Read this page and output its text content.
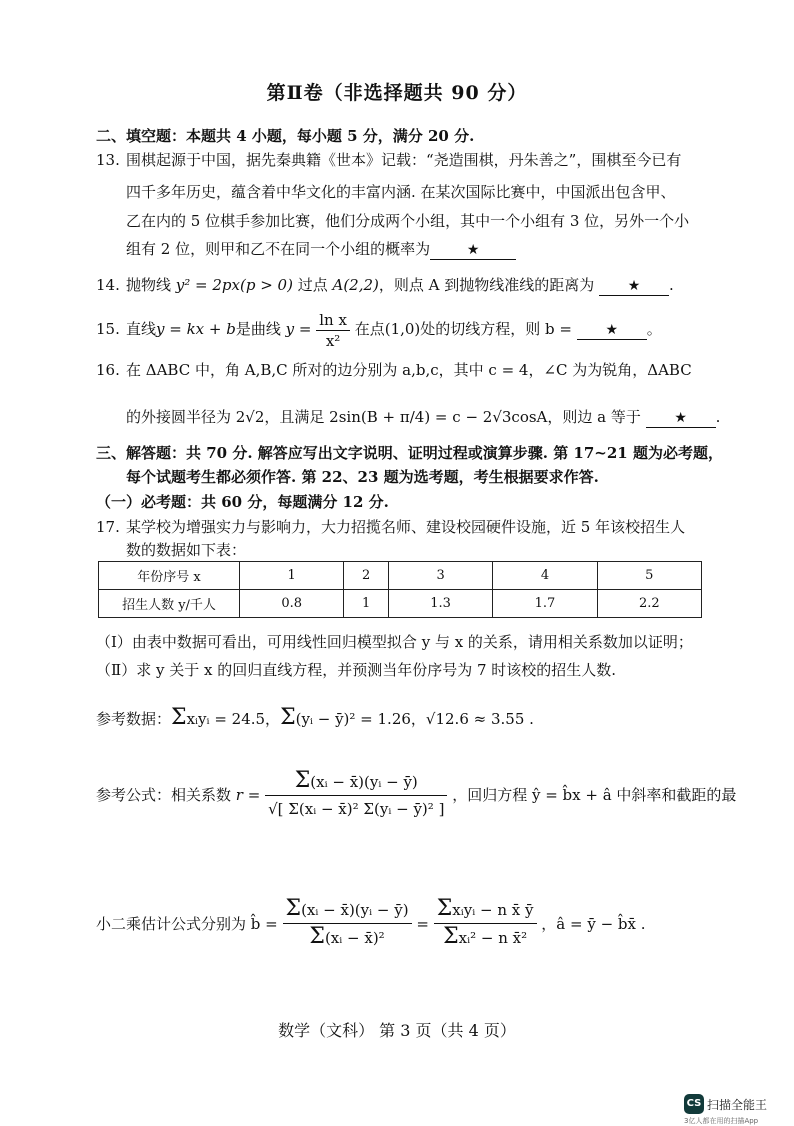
第Ⅱ卷（非选择题共 90 分）
二、填空题：本题共 4 小题，每小题 5 分，满分 20 分.
13. 围棋起源于中国，据先秦典籍《世本》记载：“尧造围棋，丹朱善之”，围棋至今已有
四千多年历史，蕴含着中华文化的丰富内涵. 在某次国际比赛中，中国派出包含甲、
乙在内的 5 位棋手参加比赛，他们分成两个小组，其中一个小组有 3 位，另外一个小
组有 2 位，则甲和乙不在同一个小组的概率为	★
14. 抛物线 y² = 2px(p > 0) 过点 A(2,2)，则点 A 到抛物线准线的距离为 ★ .
15. 直线y = kx + b是曲线 $y = \frac{\text{ln x}}{\text{x²}}$ 在点(1,0)处的切线方程，则 b = ★ 。
16. 在 ΔABC 中，角 A,B,C 所对的边分别为 a,b,c，其中 c = 4，∠C 为为锐角，ΔABC
的外接圆半径为 2√2，且满足 2sin(B + π/4) = c − 2√3cosA，则边 a 等于 ★ .
三、解答题：共 70 分. 解答应写出文字说明、证明过程或演算步骤. 第 17~21 题为必考题，
每个试题考生都必须作答. 第 22、23 题为选考题，考生根据要求作答.
（一）必考题：共 60 分，每题满分 12 分.
17. 某学校为增强实力与影响力，大力招揽名师、建设校园硬件设施，近 5 年该校招生人
数的数据如下表：
年份序号 x	1	2	3	4	5
招生人数 y/千人	0.8	1	1.3	1.7	2.2
（Ⅰ）由表中数据可看出，可用线性回归模型拟合 y 与 x 的关系，请用相关系数加以证明；
（Ⅱ）求 y 关于 x 的回归直线方程，并预测当年份序号为 7 时该校的招生人数.
参考数据：Σxᵢyᵢ = 24.5，Σ(yᵢ − ȳ)² = 1.26，√12.6 ≈ 3.55 .
参考公式：相关系数 $r = \frac{\text{Σ(xᵢ − x̄)(yᵢ − ȳ)}}{\text{√[ Σ(xᵢ − x̄)² Σ(yᵢ − ȳ)² ]}}$ ，回归方程 ŷ = b̂x + â 中斜率和截距的最
小二乘估计公式分别为 b̂ = $\frac{\text{Σ(xᵢ − x̄)(yᵢ − ȳ)}}{\text{Σ(xᵢ − x̄)²}} = \frac{\text{Σxᵢyᵢ − n x̄ ȳ}}{\text{Σxᵢ² − n x̄²}}$ ，â = ȳ − b̂x̄ .
数学（文科） 第 3 页（共 4 页）
CS 扫描全能王
3亿人都在用的扫描App
